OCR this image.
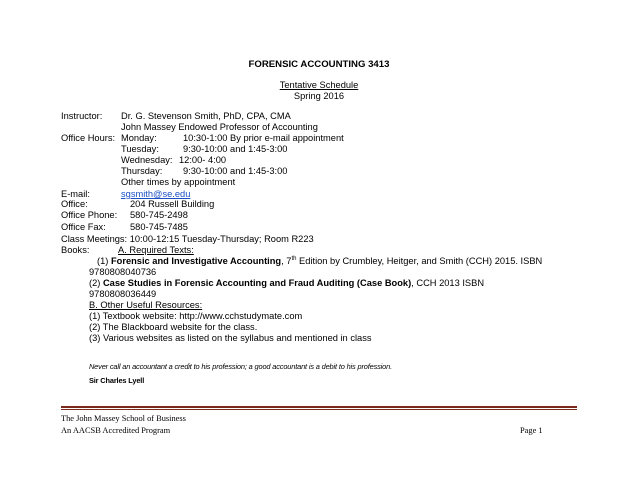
FORENSIC ACCOUNTING 3413
Tentative Schedule
Spring 2016
Instructor: Dr. G. Stevenson Smith, PhD, CPA, CMA
John Massey Endowed Professor of Accounting
Office Hours: Monday:	10:30-1:00 By prior e-mail appointment
Tuesday:	9:30-10:00 and 1:45-3:00
Wednesday: 12:00- 4:00
Thursday: 9:30-10:00 and 1:45-3:00
Other times by appointment
E-mail:	sgsmith@se.edu
Office:	204 Russell Building
Office Phone: 580-745-2498
Office Fax:	580-745-7485
Class Meetings: 10:00-12:15 Tuesday-Thursday; Room R223
Books:	A. Required Texts:
(1) Forensic and Investigative Accounting, 7th Edition by Crumbley, Heitger, and Smith (CCH) 2015. ISBN
9780808040736
(2) Case Studies in Forensic Accounting and Fraud Auditing (Case Book), CCH 2013 ISBN
9780808036449
B. Other Useful Resources:
(1) Textbook website: http://www.cchstudymate.com
(2) The Blackboard website for the class.
(3) Various websites as listed on the syllabus and mentioned in class
Never call an accountant a credit to his profession; a good accountant is a debit to his profession.
Sir Charles Lyell
The John Massey School of Business
An AACSB Accredited Program	Page 1
